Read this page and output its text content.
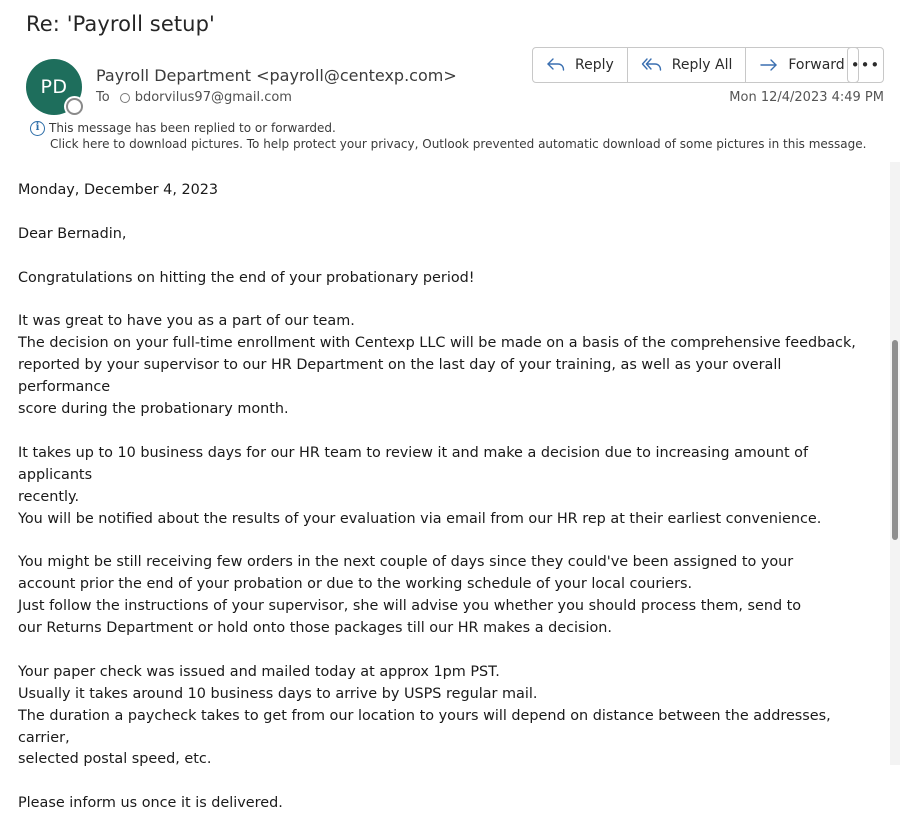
Re: 'Payroll setup'
PD
Payroll Department <payroll@centexp.com>
To bdorvilus97@gmail.com
Reply	Reply All	Forward •••
Mon 12/4/2023 4:49 PM
i This message has been replied to or forwarded.
Click here to download pictures. To help protect your privacy, Outlook prevented automatic download of some pictures in this message.

Monday, December 4, 2023

Dear Bernadin,

Congratulations on hitting the end of your probationary period!

It was great to have you as a part of our team.

The decision on your full-time enrollment with Centexp LLC will be made on a basis of the comprehensive feedback,

reported by your supervisor to our HR Department on the last day of your training, as well as your overall performance

score during the probationary month.

It takes up to 10 business days for our HR team to review it and make a decision due to increasing amount of applicants

recently.

You will be notified about the results of your evaluation via email from our HR rep at their earliest convenience.

You might be still receiving few orders in the next couple of days since they could've been assigned to your

account prior the end of your probation or due to the working schedule of your local couriers.

Just follow the instructions of your supervisor, she will advise you whether you should process them, send to

our Returns Department or hold onto those packages till our HR makes a decision.

Your paper check was issued and mailed today at approx 1pm PST.

Usually it takes around 10 business days to arrive by USPS regular mail.

The duration a paycheck takes to get from our location to yours will depend on distance between the addresses, carrier,

selected postal speed, etc.

Please inform us once it is delivered.
